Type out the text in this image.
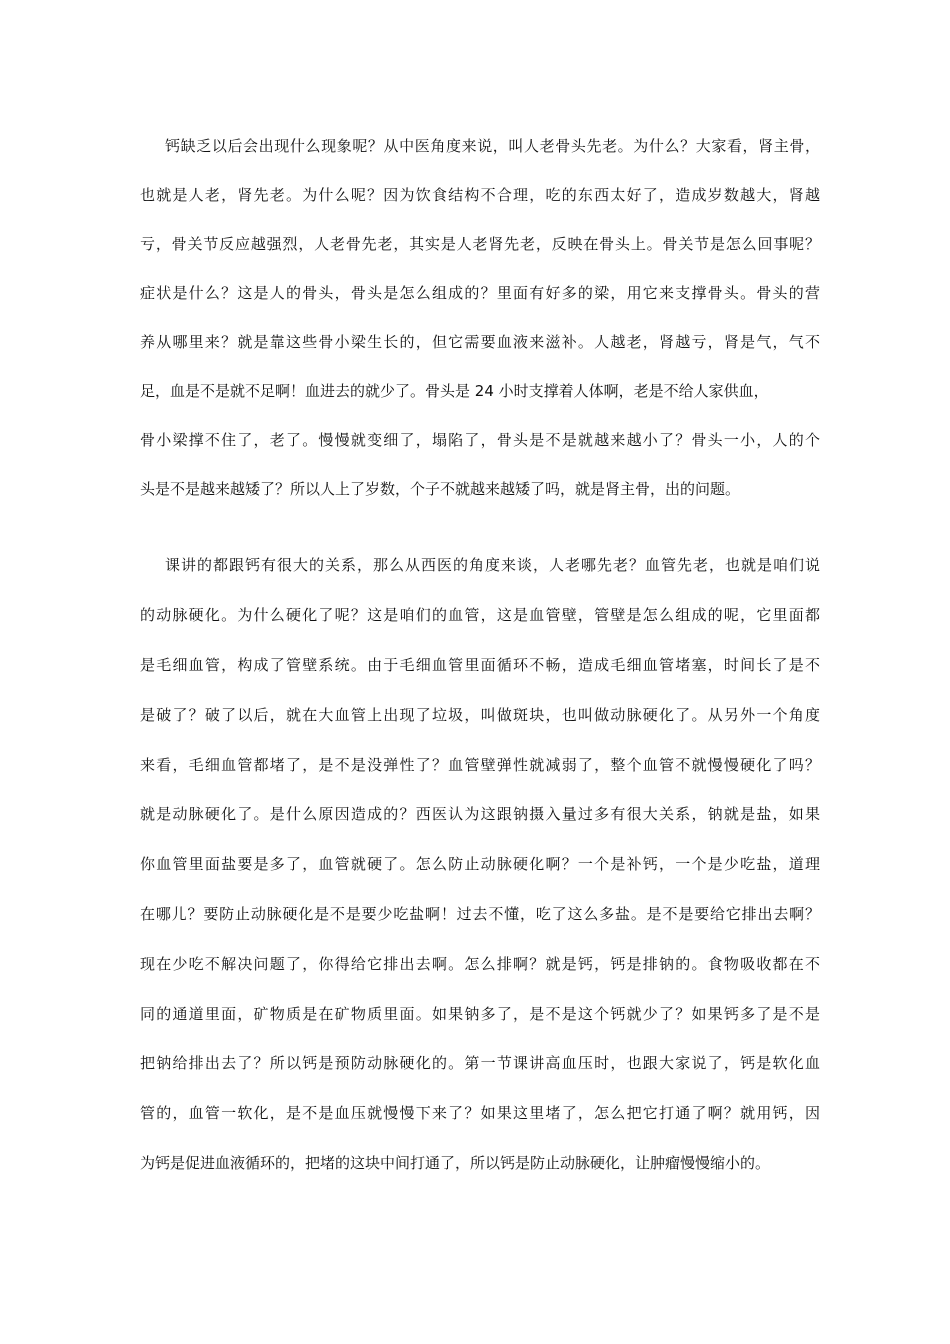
钙缺乏以后会出现什么现象呢？从中医角度来说，叫人老骨头先老。为什么？大家看，肾主骨，
也就是人老，肾先老。为什么呢？因为饮食结构不合理，吃的东西太好了，造成岁数越大，肾越
亏，骨关节反应越强烈，人老骨先老，其实是人老肾先老，反映在骨头上。骨关节是怎么回事呢？
症状是什么？这是人的骨头，骨头是怎么组成的？里面有好多的梁，用它来支撑骨头。骨头的营
养从哪里来？就是靠这些骨小梁生长的，但它需要血液来滋补。人越老，肾越亏，肾是气，气不
足，血是不是就不足啊！血进去的就少了。骨头是 24 小时支撑着人体啊，老是不给人家供血，
骨小梁撑不住了，老了。慢慢就变细了，塌陷了，骨头是不是就越来越小了？骨头一小，人的个
头是不是越来越矮了？所以人上了岁数，个子不就越来越矮了吗，就是肾主骨，出的问题。
课讲的都跟钙有很大的关系，那么从西医的角度来谈，人老哪先老？血管先老，也就是咱们说
的动脉硬化。为什么硬化了呢？这是咱们的血管，这是血管壁，管壁是怎么组成的呢，它里面都
是毛细血管，构成了管壁系统。由于毛细血管里面循环不畅，造成毛细血管堵塞，时间长了是不
是破了？破了以后，就在大血管上出现了垃圾，叫做斑块，也叫做动脉硬化了。从另外一个角度
来看，毛细血管都堵了，是不是没弹性了？血管壁弹性就减弱了，整个血管不就慢慢硬化了吗？
就是动脉硬化了。是什么原因造成的？西医认为这跟钠摄入量过多有很大关系，钠就是盐，如果
你血管里面盐要是多了，血管就硬了。怎么防止动脉硬化啊？一个是补钙，一个是少吃盐，道理
在哪儿？要防止动脉硬化是不是要少吃盐啊！过去不懂，吃了这么多盐。是不是要给它排出去啊？
现在少吃不解决问题了，你得给它排出去啊。怎么排啊？就是钙，钙是排钠的。食物吸收都在不
同的通道里面，矿物质是在矿物质里面。如果钠多了，是不是这个钙就少了？如果钙多了是不是
把钠给排出去了？所以钙是预防动脉硬化的。第一节课讲高血压时，也跟大家说了，钙是软化血
管的，血管一软化，是不是血压就慢慢下来了？如果这里堵了，怎么把它打通了啊？就用钙，因
为钙是促进血液循环的，把堵的这块中间打通了，所以钙是防止动脉硬化，让肿瘤慢慢缩小的。
